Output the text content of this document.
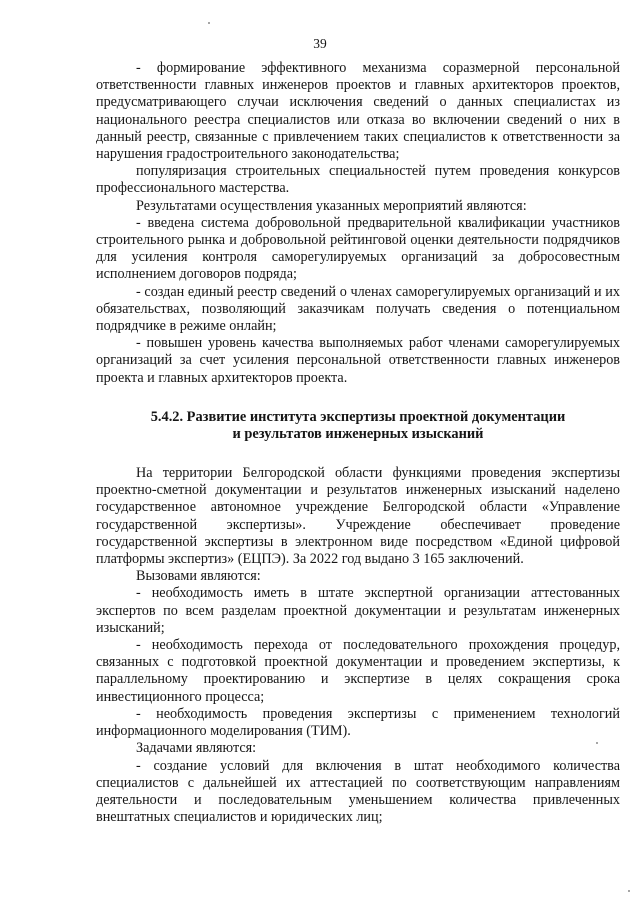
39

- формирование эффективного механизма соразмерной персональной ответственности главных инженеров проектов и главных архитекторов проектов, предусматривающего случаи исключения сведений о данных специалистах из национального реестра специалистов или отказа во включении сведений о них в данный реестр, связанные с привлечением таких специалистов к ответственности за нарушения градостроительного законодательства;

популяризация строительных специальностей путем проведения конкурсов профессионального мастерства.

Результатами осуществления указанных мероприятий являются:

- введена система добровольной предварительной квалификации участников строительного рынка и добровольной рейтинговой оценки деятельности подрядчиков для усиления контроля саморегулируемых организаций за добросовестным исполнением договоров подряда;

- создан единый реестр сведений о членах саморегулируемых организаций и их обязательствах, позволяющий заказчикам получать сведения о потенциальном подрядчике в режиме онлайн;

- повышен уровень качества выполняемых работ членами саморегулируемых организаций за счет усиления персональной ответственности главных инженеров проекта и главных архитекторов проекта.

5.4.2. Развитие института экспертизы проектной документации
и результатов инженерных изысканий

На территории Белгородской области функциями проведения экспертизы проектно-сметной документации и результатов инженерных изысканий наделено государственное автономное учреждение Белгородской области «Управление государственной экспертизы». Учреждение обеспечивает проведение государственной экспертизы в электронном виде посредством «Единой цифровой платформы экспертиз» (ЕЦПЭ). За 2022 год выдано 3 165 заключений.

Вызовами являются:

- необходимость иметь в штате экспертной организации аттестованных экспертов по всем разделам проектной документации и результатам инженерных изысканий;

- необходимость перехода от последовательного прохождения процедур, связанных с подготовкой проектной документации и проведением экспертизы, к параллельному проектированию и экспертизе в целях сокращения срока инвестиционного процесса;

- необходимость проведения экспертизы с применением технологий информационного моделирования (ТИМ).

Задачами являются:

- создание условий для включения в штат необходимого количества специалистов с дальнейшей их аттестацией по соответствующим направлениям деятельности и последовательным уменьшением количества привлеченных внештатных специалистов и юридических лиц;
